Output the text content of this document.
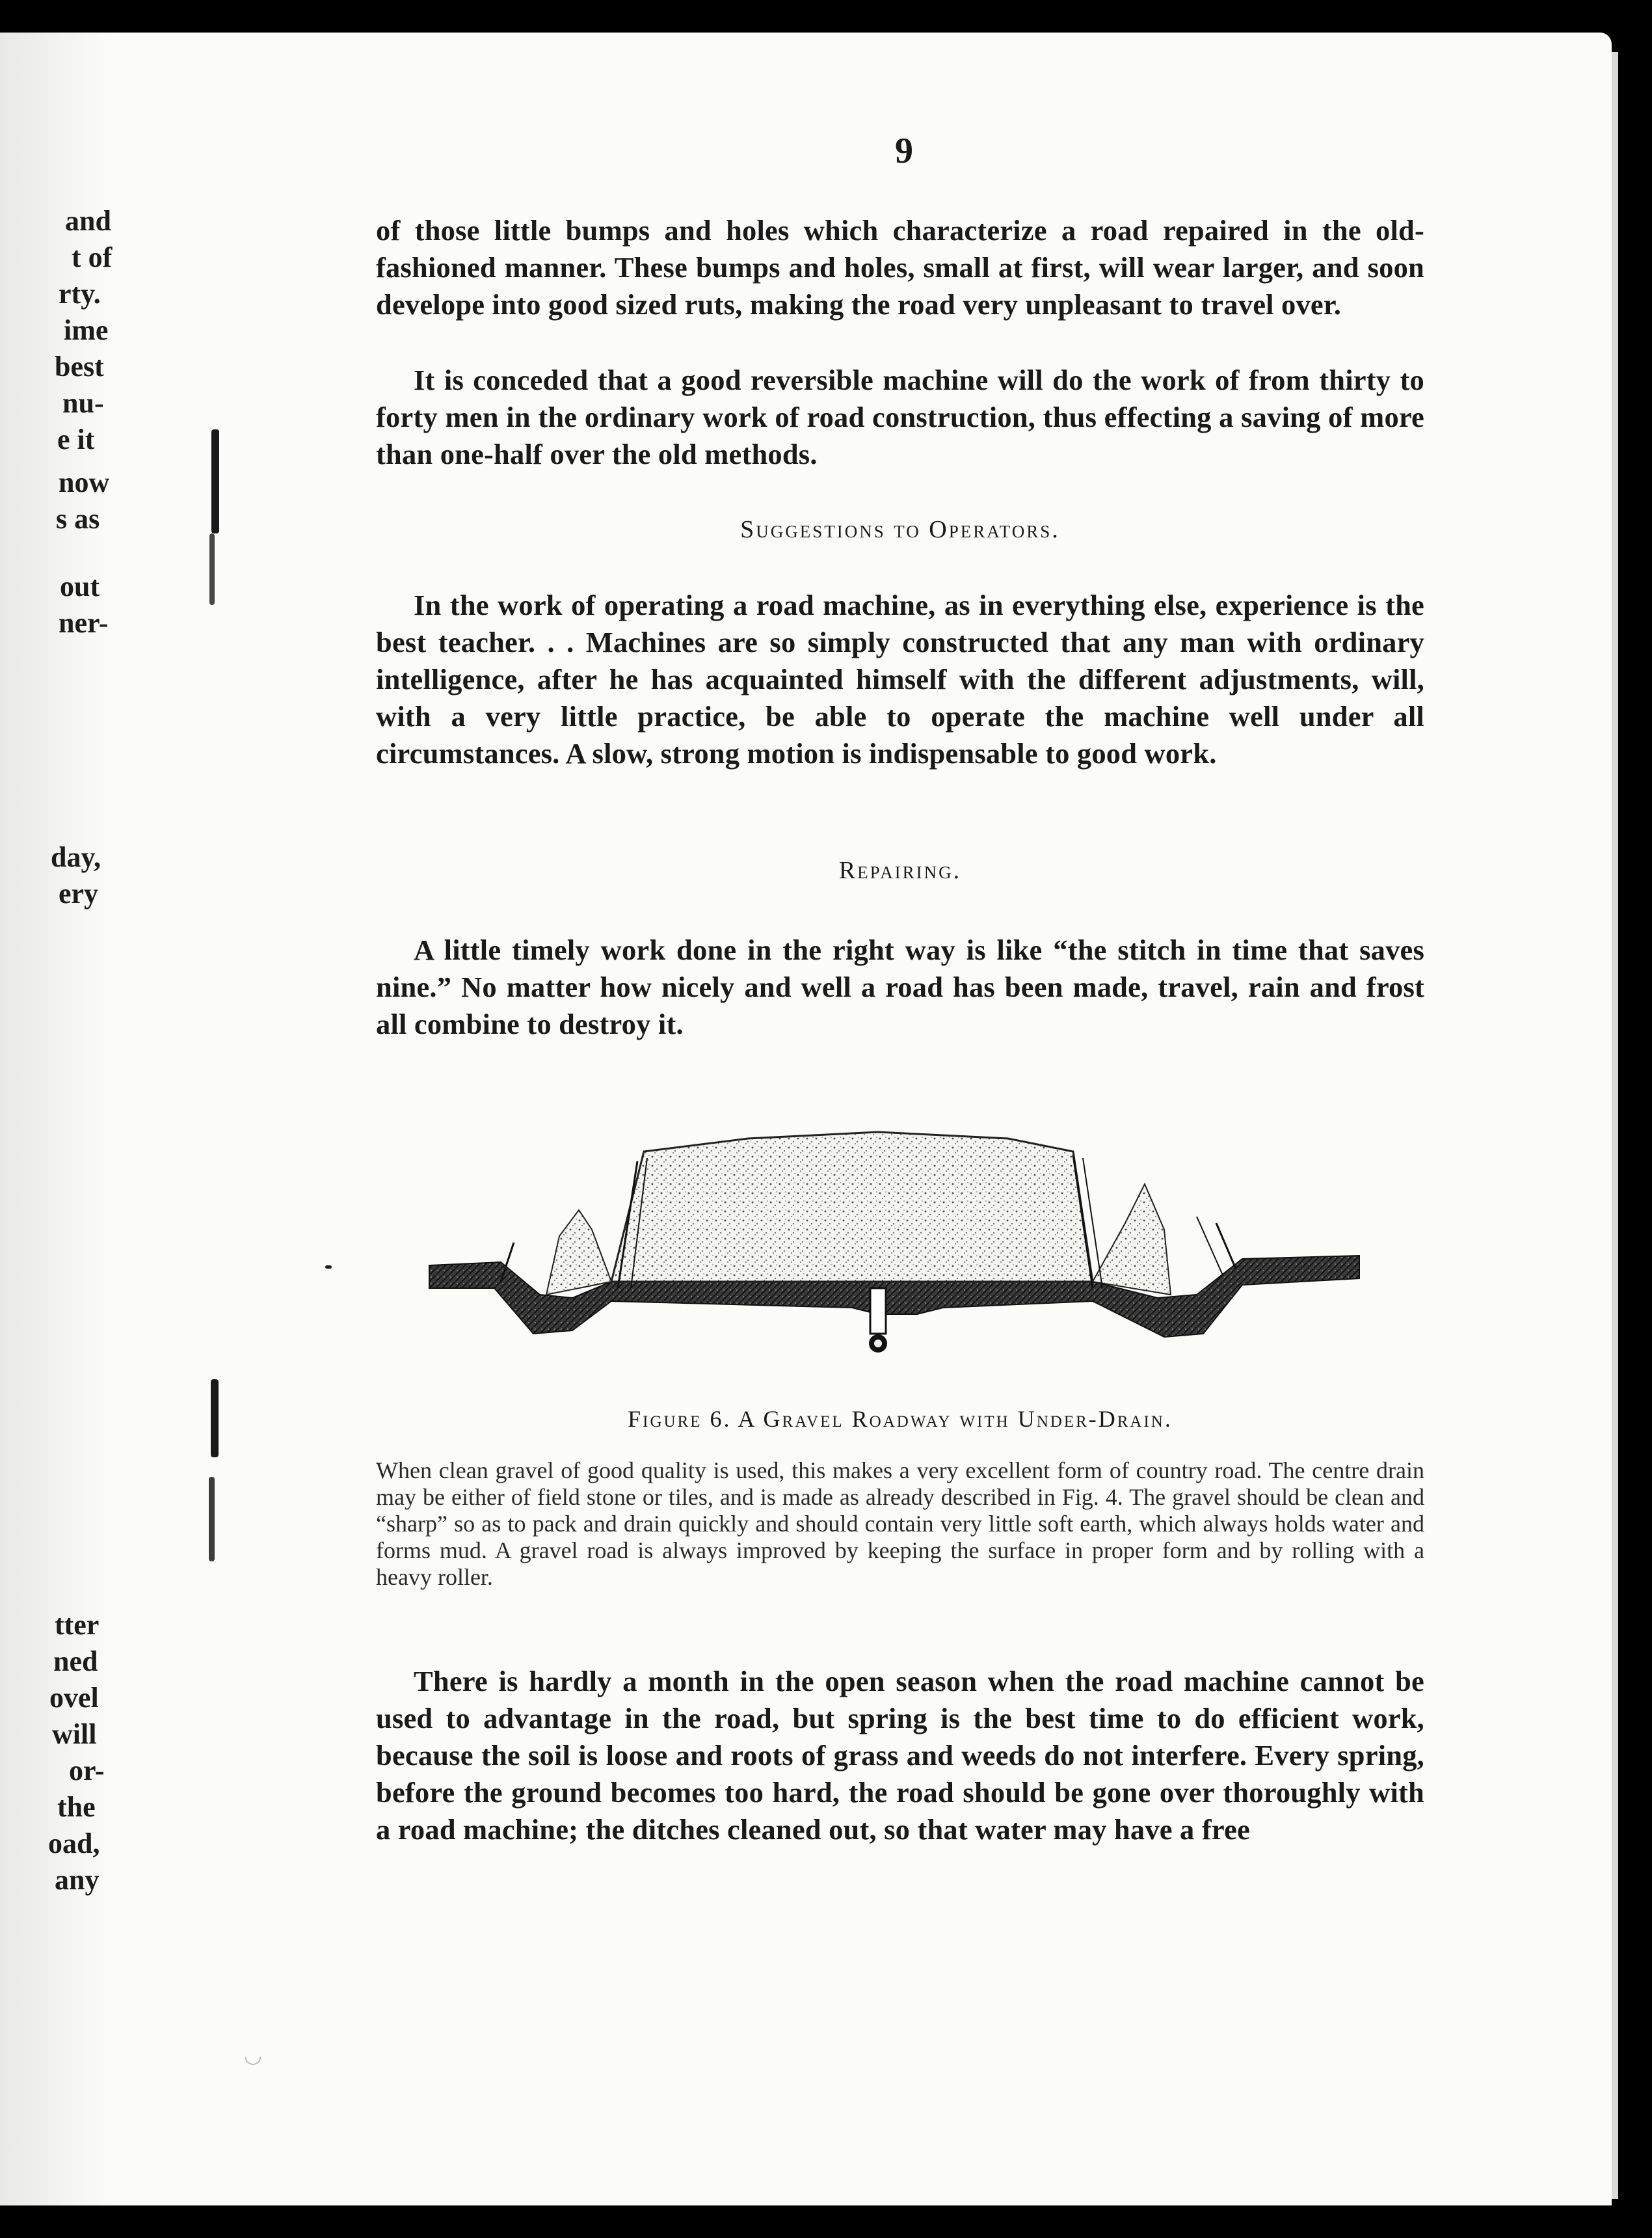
and
t of
rty.
ime
best
nu-
e it
now
s as
out
ner-
day,
ery
tter
ned
ovel
will
or-
the
oad,
any
9

of those little bumps and holes which characterize a road repaired in the old-fashioned manner. These bumps and holes, small at first, will wear larger, and soon develope into good sized ruts, making the road very unpleasant to travel over.

It is conceded that a good reversible machine will do the work of from thirty to forty men in the ordinary work of road construction, thus effecting a saving of more than one-half over the old methods.

Suggestions to Operators.

In the work of operating a road machine, as in everything else, experience is the best teacher. . . Machines are so simply constructed that any man with ordinary intelligence, after he has acquainted himself with the different adjustments, will, with a very little practice, be able to operate the machine well under all circumstances. A slow, strong motion is indispensable to good work.

Repairing.

A little timely work done in the right way is like “the stitch in time that saves nine.” No matter how nicely and well a road has been made, travel, rain and frost all combine to destroy it.

Figure 6. A Gravel Roadway with Under-Drain.

When clean gravel of good quality is used, this makes a very excellent form of country road. The centre drain may be either of field stone or tiles, and is made as already described in Fig. 4. The gravel should be clean and “sharp” so as to pack and drain quickly and should contain very little soft earth, which always holds water and forms mud. A gravel road is always improved by keeping the surface in proper form and by rolling with a heavy roller.

There is hardly a month in the open season when the road machine cannot be used to advantage in the road, but spring is the best time to do efficient work, because the soil is loose and roots of grass and weeds do not interfere. Every spring, before the ground becomes too hard, the road should be gone over thoroughly with a road machine; the ditches cleaned out, so that water may have a free

◡
